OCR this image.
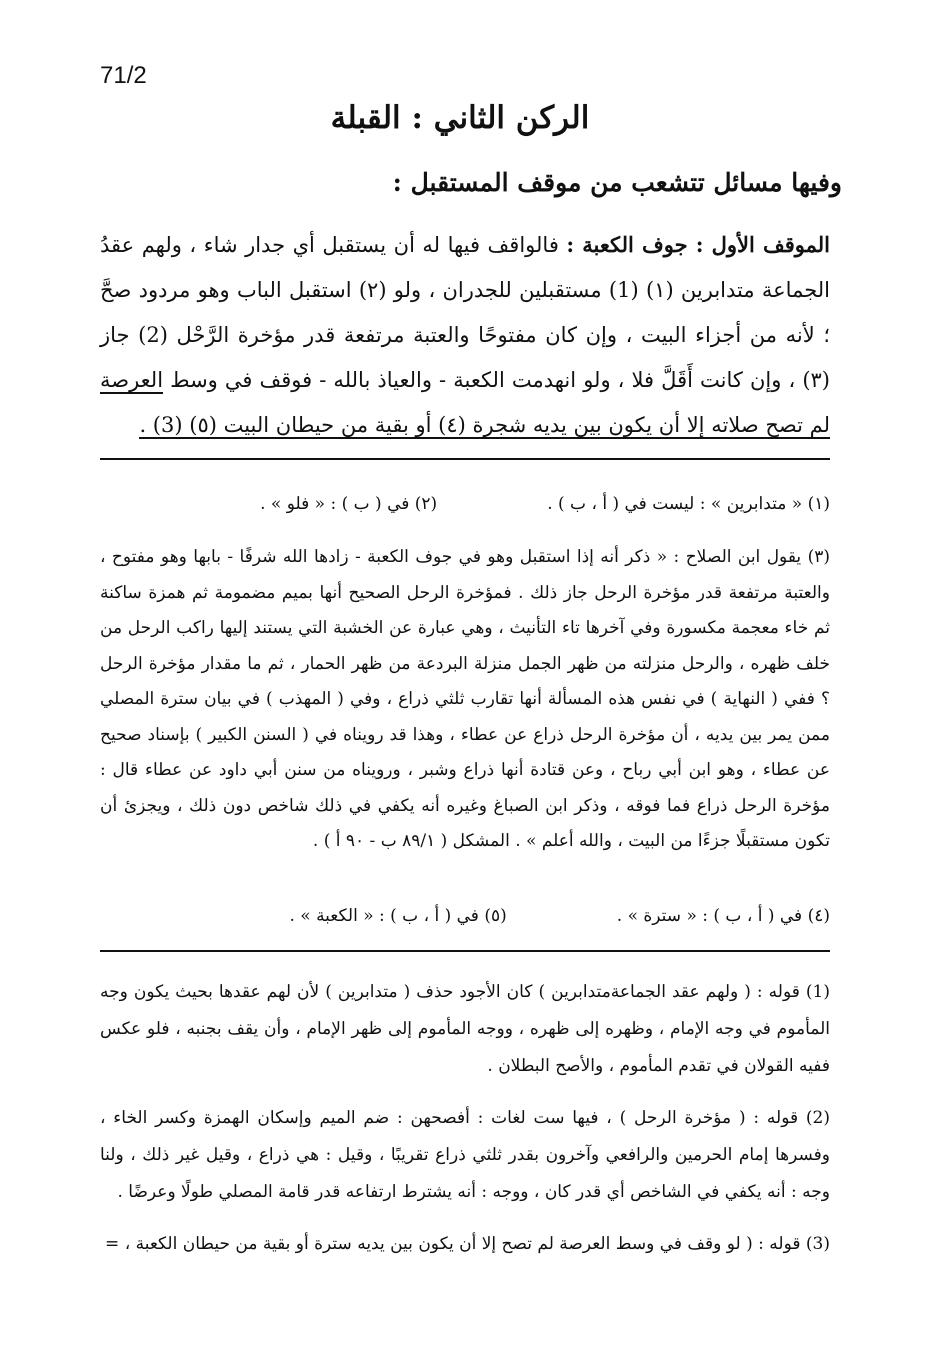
71/2
الركن الثاني : القبلة
وفيها مسائل تتشعب من موقف المستقبل :
الموقف الأول : جوف الكعبة : فالواقف فيها له أن يستقبل أي جدار شاء ، ولهم عقدُ الجماعة متدابرين (١) (1) مستقبلين للجدران ، ولو (٢) استقبل الباب وهو مردود صحَّ ؛ لأنه من أجزاء البيت ، وإن كان مفتوحًا والعتبة مرتفعة قدر مؤخرة الرَّحْل (2) جاز (٣) ، وإن كانت أَقَلَّ فلا ، ولو انهدمت الكعبة - والعياذ بالله - فوقف في وسط العرصة لم تصح صلاته إلا أن يكون بين يديه شجرة (٤) أو بقية من حيطان البيت (٥) (3) .
(١) « متدابرين » : ليست في ( أ ، ب ) .
(٢) في ( ب ) : « فلو » .
(٣) يقول ابن الصلاح : « ذكر أنه إذا استقبل وهو في جوف الكعبة - زادها الله شرفًا - بابها وهو مفتوح ، والعتبة مرتفعة قدر مؤخرة الرحل جاز ذلك . فمؤخرة الرحل الصحيح أنها بميم مضمومة ثم همزة ساكنة ثم خاء معجمة مكسورة وفي آخرها تاء التأنيث ، وهي عبارة عن الخشبة التي يستند إليها راكب الرحل من خلف ظهره ، والرحل منزلته من ظهر الجمل منزلة البردعة من ظهر الحمار ، ثم ما مقدار مؤخرة الرحل ؟ ففي ( النهاية ) في نفس هذه المسألة أنها تقارب ثلثي ذراع ، وفي ( المهذب ) في بيان سترة المصلي ممن يمر بين يديه ، أن مؤخرة الرحل ذراع عن عطاء ، وهذا قد رويناه في ( السنن الكبير ) بإسناد صحيح عن عطاء ، وهو ابن أبي رباح ، وعن قتادة أنها ذراع وشبر ، ورويناه من سنن أبي داود عن عطاء قال : مؤخرة الرحل ذراع فما فوقه ، وذكر ابن الصباغ وغيره أنه يكفي في ذلك شاخص دون ذلك ، ويجزئ أن تكون مستقبلًا جزءًا من البيت ، والله أعلم » . المشكل ( ٨٩/١ ب - ٩٠ أ ) .
(٤) في ( أ ، ب ) : « سترة » .
(٥) في ( أ ، ب ) : « الكعبة » .
(1) قوله : ( ولهم عقد الجماعةمتدابرين ) كان الأجود حذف ( متدابرين ) لأن لهم عقدها بحيث يكون وجه المأموم في وجه الإمام ، وظهره إلى ظهره ، ووجه المأموم إلى ظهر الإمام ، وأن يقف بجنبه ، فلو عكس ففيه القولان في تقدم المأموم ، والأصح البطلان .
(2) قوله : ( مؤخرة الرحل ) ، فيها ست لغات : أفصحهن : ضم الميم وإسكان الهمزة وكسر الخاء ، وفسرها إمام الحرمين والرافعي وآخرون بقدر ثلثي ذراع تقريبًا ، وقيل : هي ذراع ، وقيل غير ذلك ، ولنا وجه : أنه يكفي في الشاخص أي قدر كان ، ووجه : أنه يشترط ارتفاعه قدر قامة المصلي طولًا وعرضًا .
(3) قوله : ( لو وقف في وسط العرصة لم تصح إلا أن يكون بين يديه سترة أو بقية من حيطان الكعبة ، =
